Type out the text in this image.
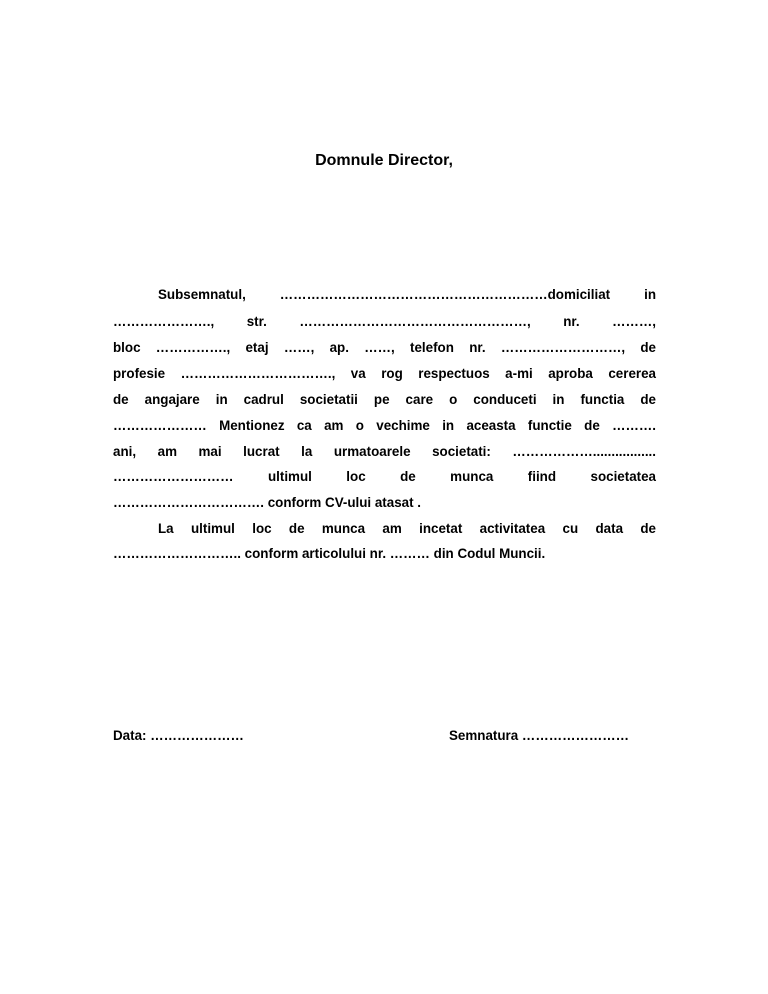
Domnule Director,

Subsemnatul, ……………………………………………………domiciliat in

…………………., str. ……………………………………………, nr. ………,

bloc ……………., etaj ……, ap. ……, telefon nr. ………………………, de

profesie ……………………………., va rog respectuos a-mi aproba cererea

de angajare in cadrul societatii pe care o conduceti in functia de

………………… Mentionez ca am o vechime in aceasta functie de ……….

ani, am mai lucrat la urmatoarele societati: ……………….................

……………………… ultimul loc de munca fiind societatea

……………………………. conform CV-ului atasat .

La ultimul loc de munca am incetat activitatea cu data de

……………………….. conform articolului nr. ……… din Codul Muncii.

Data: …………………	Semnatura ……………………
